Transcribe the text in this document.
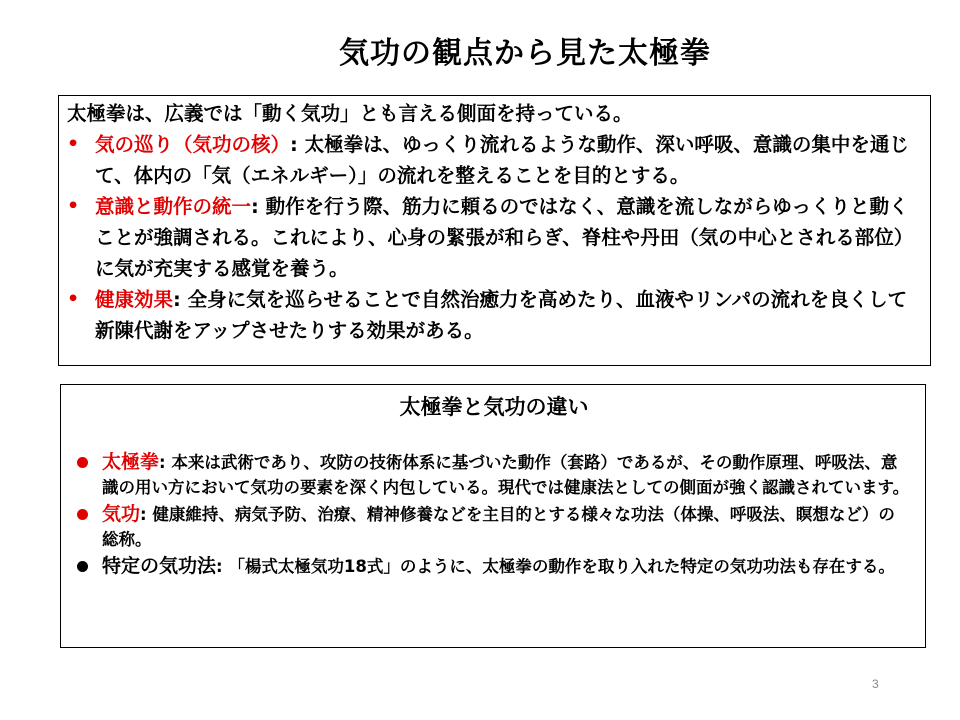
気功の観点から見た太極拳

太極拳は、広義では「動く気功」とも言える側面を持っている。

• 気の巡り（気功の核）: 太極拳は、ゆっくり流れるような動作、深い呼吸、意識の集中を通じて、体内の「気（エネルギー）」の流れを整えることを目的とする。
• 意識と動作の統一: 動作を行う際、筋力に頼るのではなく、意識を流しながらゆっくりと動くことが強調される。これにより、心身の緊張が和らぎ、脊柱や丹田（気の中心とされる部位）に気が充実する感覚を養う。
• 健康効果: 全身に気を巡らせることで自然治癒力を高めたり、血液やリンパの流れを良くして新陳代謝をアップさせたりする効果がある。
太極拳と気功の違い
太極拳: 本来は武術であり、攻防の技術体系に基づいた動作（套路）であるが、その動作原理、呼吸法、意識の用い方において気功の要素を深く内包している。現代では健康法としての側面が強く認識されています。
気功: 健康維持、病気予防、治療、精神修養などを主目的とする様々な功法（体操、呼吸法、瞑想など）の総称。
特定の気功法: 「楊式太極気功18式」のように、太極拳の動作を取り入れた特定の気功功法も存在する。
3
